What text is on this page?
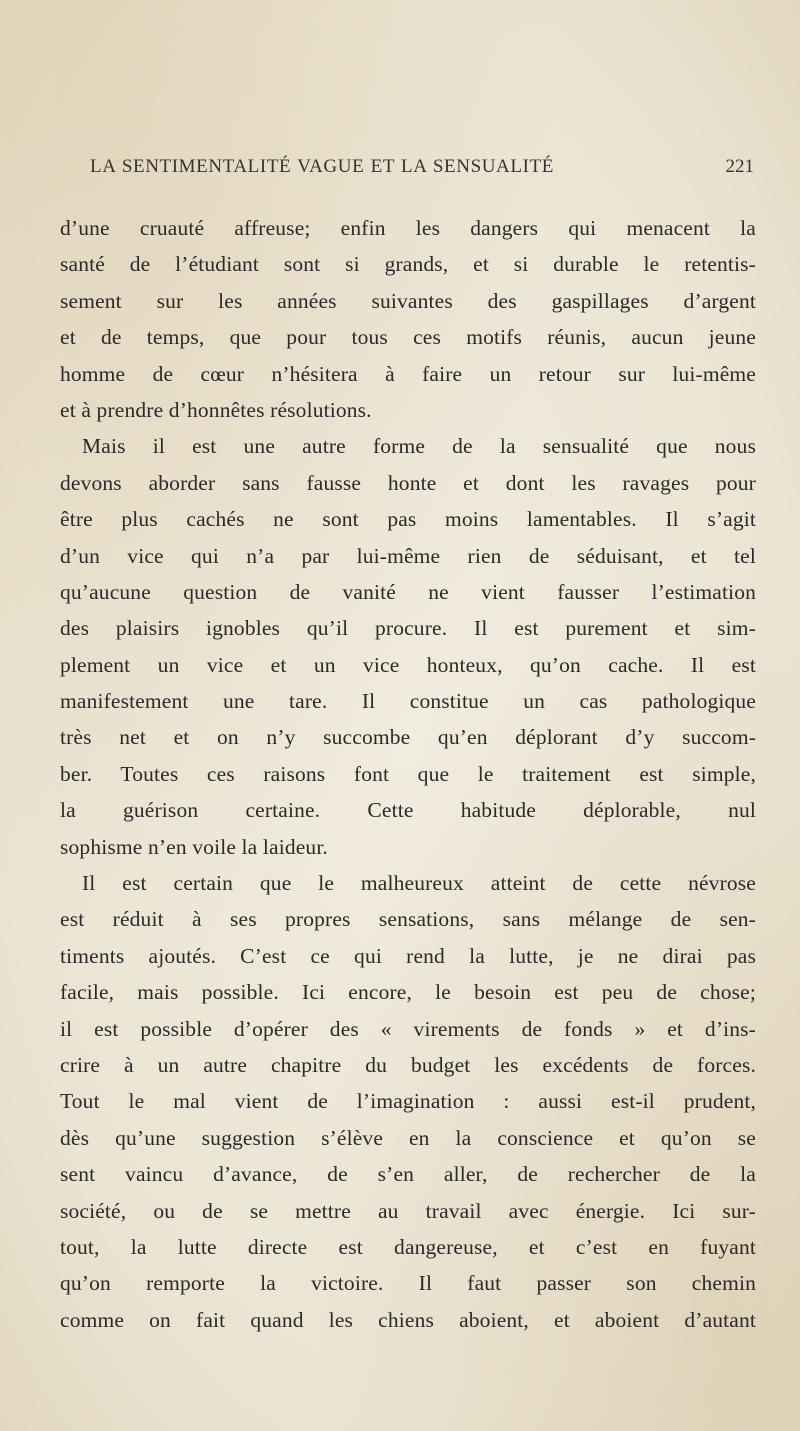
LA SENTIMENTALITÉ VAGUE ET LA SENSUALITÉ	221
d’une cruauté affreuse; enfin les dangers qui menacent la
santé de l’étudiant sont si grands, et si durable le retentis-
sement sur les années suivantes des gaspillages d’argent
et de temps, que pour tous ces motifs réunis, aucun jeune
homme de cœur n’hésitera à faire un retour sur lui-même
et à prendre d’honnêtes résolutions.
Mais il est une autre forme de la sensualité que nous
devons aborder sans fausse honte et dont les ravages pour
être plus cachés ne sont pas moins lamentables. Il s’agit
d’un vice qui n’a par lui-même rien de séduisant, et tel
qu’aucune question de vanité ne vient fausser l’estimation
des plaisirs ignobles qu’il procure. Il est purement et sim-
plement un vice et un vice honteux, qu’on cache. Il est
manifestement une tare. Il constitue un cas pathologique
très net et on n’y succombe qu’en déplorant d’y succom-
ber. Toutes ces raisons font que le traitement est simple,
la guérison certaine. Cette habitude déplorable, nul
sophisme n’en voile la laideur.
Il est certain que le malheureux atteint de cette névrose
est réduit à ses propres sensations, sans mélange de sen-
timents ajoutés. C’est ce qui rend la lutte, je ne dirai pas
facile, mais possible. Ici encore, le besoin est peu de chose;
il est possible d’opérer des « virements de fonds » et d’ins-
crire à un autre chapitre du budget les excédents de forces.
Tout le mal vient de l’imagination : aussi est-il prudent,
dès qu’une suggestion s’élève en la conscience et qu’on se
sent vaincu d’avance, de s’en aller, de rechercher de la
société, ou de se mettre au travail avec énergie. Ici sur-
tout, la lutte directe est dangereuse, et c’est en fuyant
qu’on remporte la victoire. Il faut passer son chemin
comme on fait quand les chiens aboient, et aboient d’autant
